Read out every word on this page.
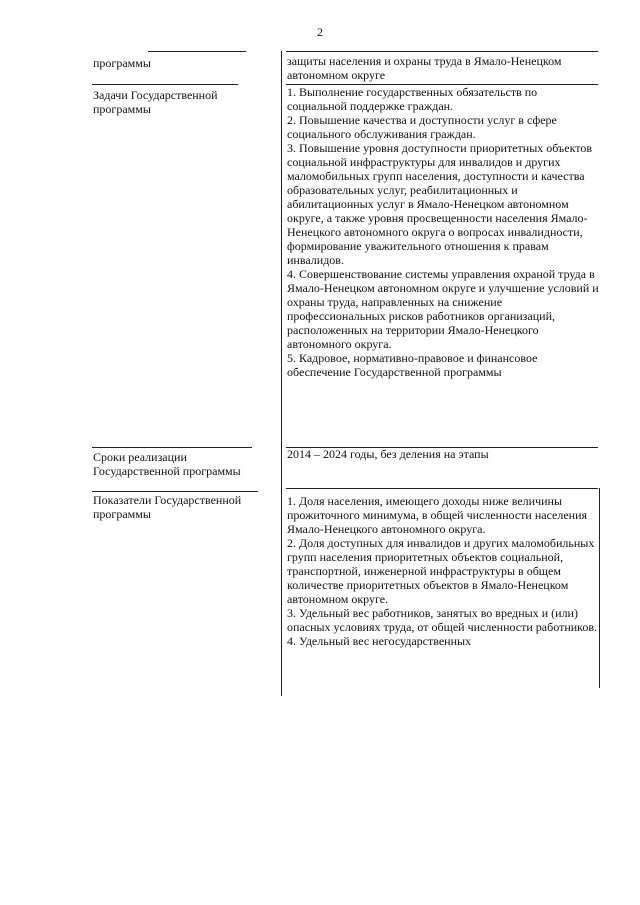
2
программы	защиты населения и охраны труда в Ямало-Ненецком автономном округе

Задачи Государственной программы

1. Выполнение государственных обязательств по социальной поддержке граждан.

2. Повышение качества и доступности услуг в сфере социального обслуживания граждан.

3. Повышение уровня доступности приоритетных объектов социальной инфраструктуры для инвалидов и других маломобильных групп населения, доступности и качества образовательных услуг, реабилитационных и абилитационных услуг в Ямало-Ненецком автономном округе, а также уровня просвещенности населения Ямало-Ненецкого автономного округа о вопросах инвалидности, формирование уважительного отношения к правам инвалидов.

4. Совершенствование системы управления охраной труда в Ямало-Ненецком автономном округе и улучшение условий и охраны труда, направленных на снижение профессиональных рисков работников организаций, расположенных на территории Ямало-Ненецкого автономного округа.

5. Кадровое, нормативно-правовое и финансовое обеспечение Государственной программы

Сроки реализации Государственной программы

2014 – 2024 годы, без деления на этапы

Показатели Государственной программы

1. Доля населения, имеющего доходы ниже величины прожиточного минимума, в общей численности населения Ямало-Ненецкого автономного округа.

2. Доля доступных для инвалидов и других маломобильных групп населения приоритетных объектов социальной, транспортной, инженерной инфраструктуры в общем количестве приоритетных объектов в Ямало-Ненецком автономном округе.

3. Удельный вес работников, занятых во вредных и (или) опасных условиях труда, от общей численности работников.

4. Удельный вес негосударственных
